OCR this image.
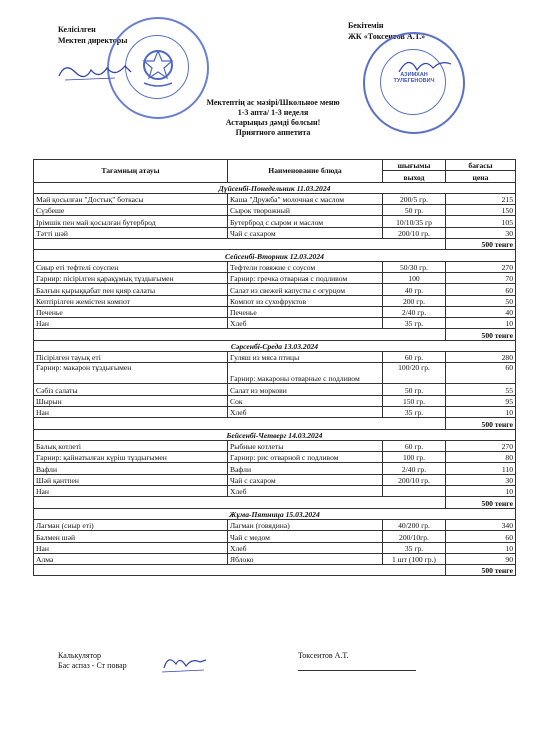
Келісілген
Мектеп директоры
Бекітемін
ЖК «Токсеитов А.Т.»
АЗИМХАН ТУЛЕГЕНОВИЧ
Мектептің ас мәзірі/Школьное меню
1-3 апта/ 1-3 неделя
Астарыңыз дәмді болсын!
Приятного аппетита
Тағамның атауы	Наименование блюда	шығымы	бағасы
		выход	цена
Дүйсенбі-Понедельник 11.03.2024			
Май қосылған "Достық" боткасы	Каша "Дружба" молочная с маслом	200/5 гр.	215
Сүзбеше	Сырок творожный	50 гр.	150
Ірімшік пен май қосылған бутерброд	Бутерброд с сыром и маслом	10/10/35 гр	105
Тәтті шәй	Чай с сахаром	200/10 гр.	30
			500 тенге
Сейсенбі-Вторник 12.03.2024			
Сиыр еті тефтелі соуспен	Тефтели говяжие с соусом	50/30 гр.	270
Гарнир: пісірілген қарақұмық тұздығымен	Гарнир: гречка отварная с подливом	100	70
Балғын қырыққабат пен қияр салаты	Салат из свежей капусты с огурцом	40 гр.	60
Кептірілген жемістен компот	Компот из сухофруктов	200 гр.	50
Печенье	Печенье	2/40 гр.	40
Нан	Хлеб	35 гр.	10
			500 тенге
Сәрсенбі-Среда 13.03.2024			
Пісірілген тауық еті	Гуляш из мяса птицы	60 гр.	280
Гарнир: макарон тұздығымен	Гарнир: макароны отварные с подливом	100/20 гр.	60
Сәбіз салаты	Салат из моркови	50 гр.	55
Шырын	Сок	150 гр.	95
Нан	Хлеб	35 гр.	10
			500 тенге
Бейсенбі-Четверг 14.03.2024			
Балық котлеті	Рыбные котлеты	60 гр.	270
Гарнир: қайнатылған күріш тұздығымен	Гарнир: рис отварной с подливом	100 гр.	80
Вафли	Вафли	2/40 гр.	110
Шәй қантпен	Чай с сахаром	200/10 гр.	30
Нан	Хлеб		10
			500 тенге
Жұма-Пятница 15.03.2024			
Лагман (сиыр еті)	Лагман (говядина)	40/200 гр.	340
Балмен шәй	Чай с медом	200/10гр.	60
Нан	Хлеб	35 гр.	10
Алма	Яблоко	1 шт (100 гр.)	90
			500 тенге
Калькулятор
Бас аспаз - Ст повар
Токсеитов А.Т.
